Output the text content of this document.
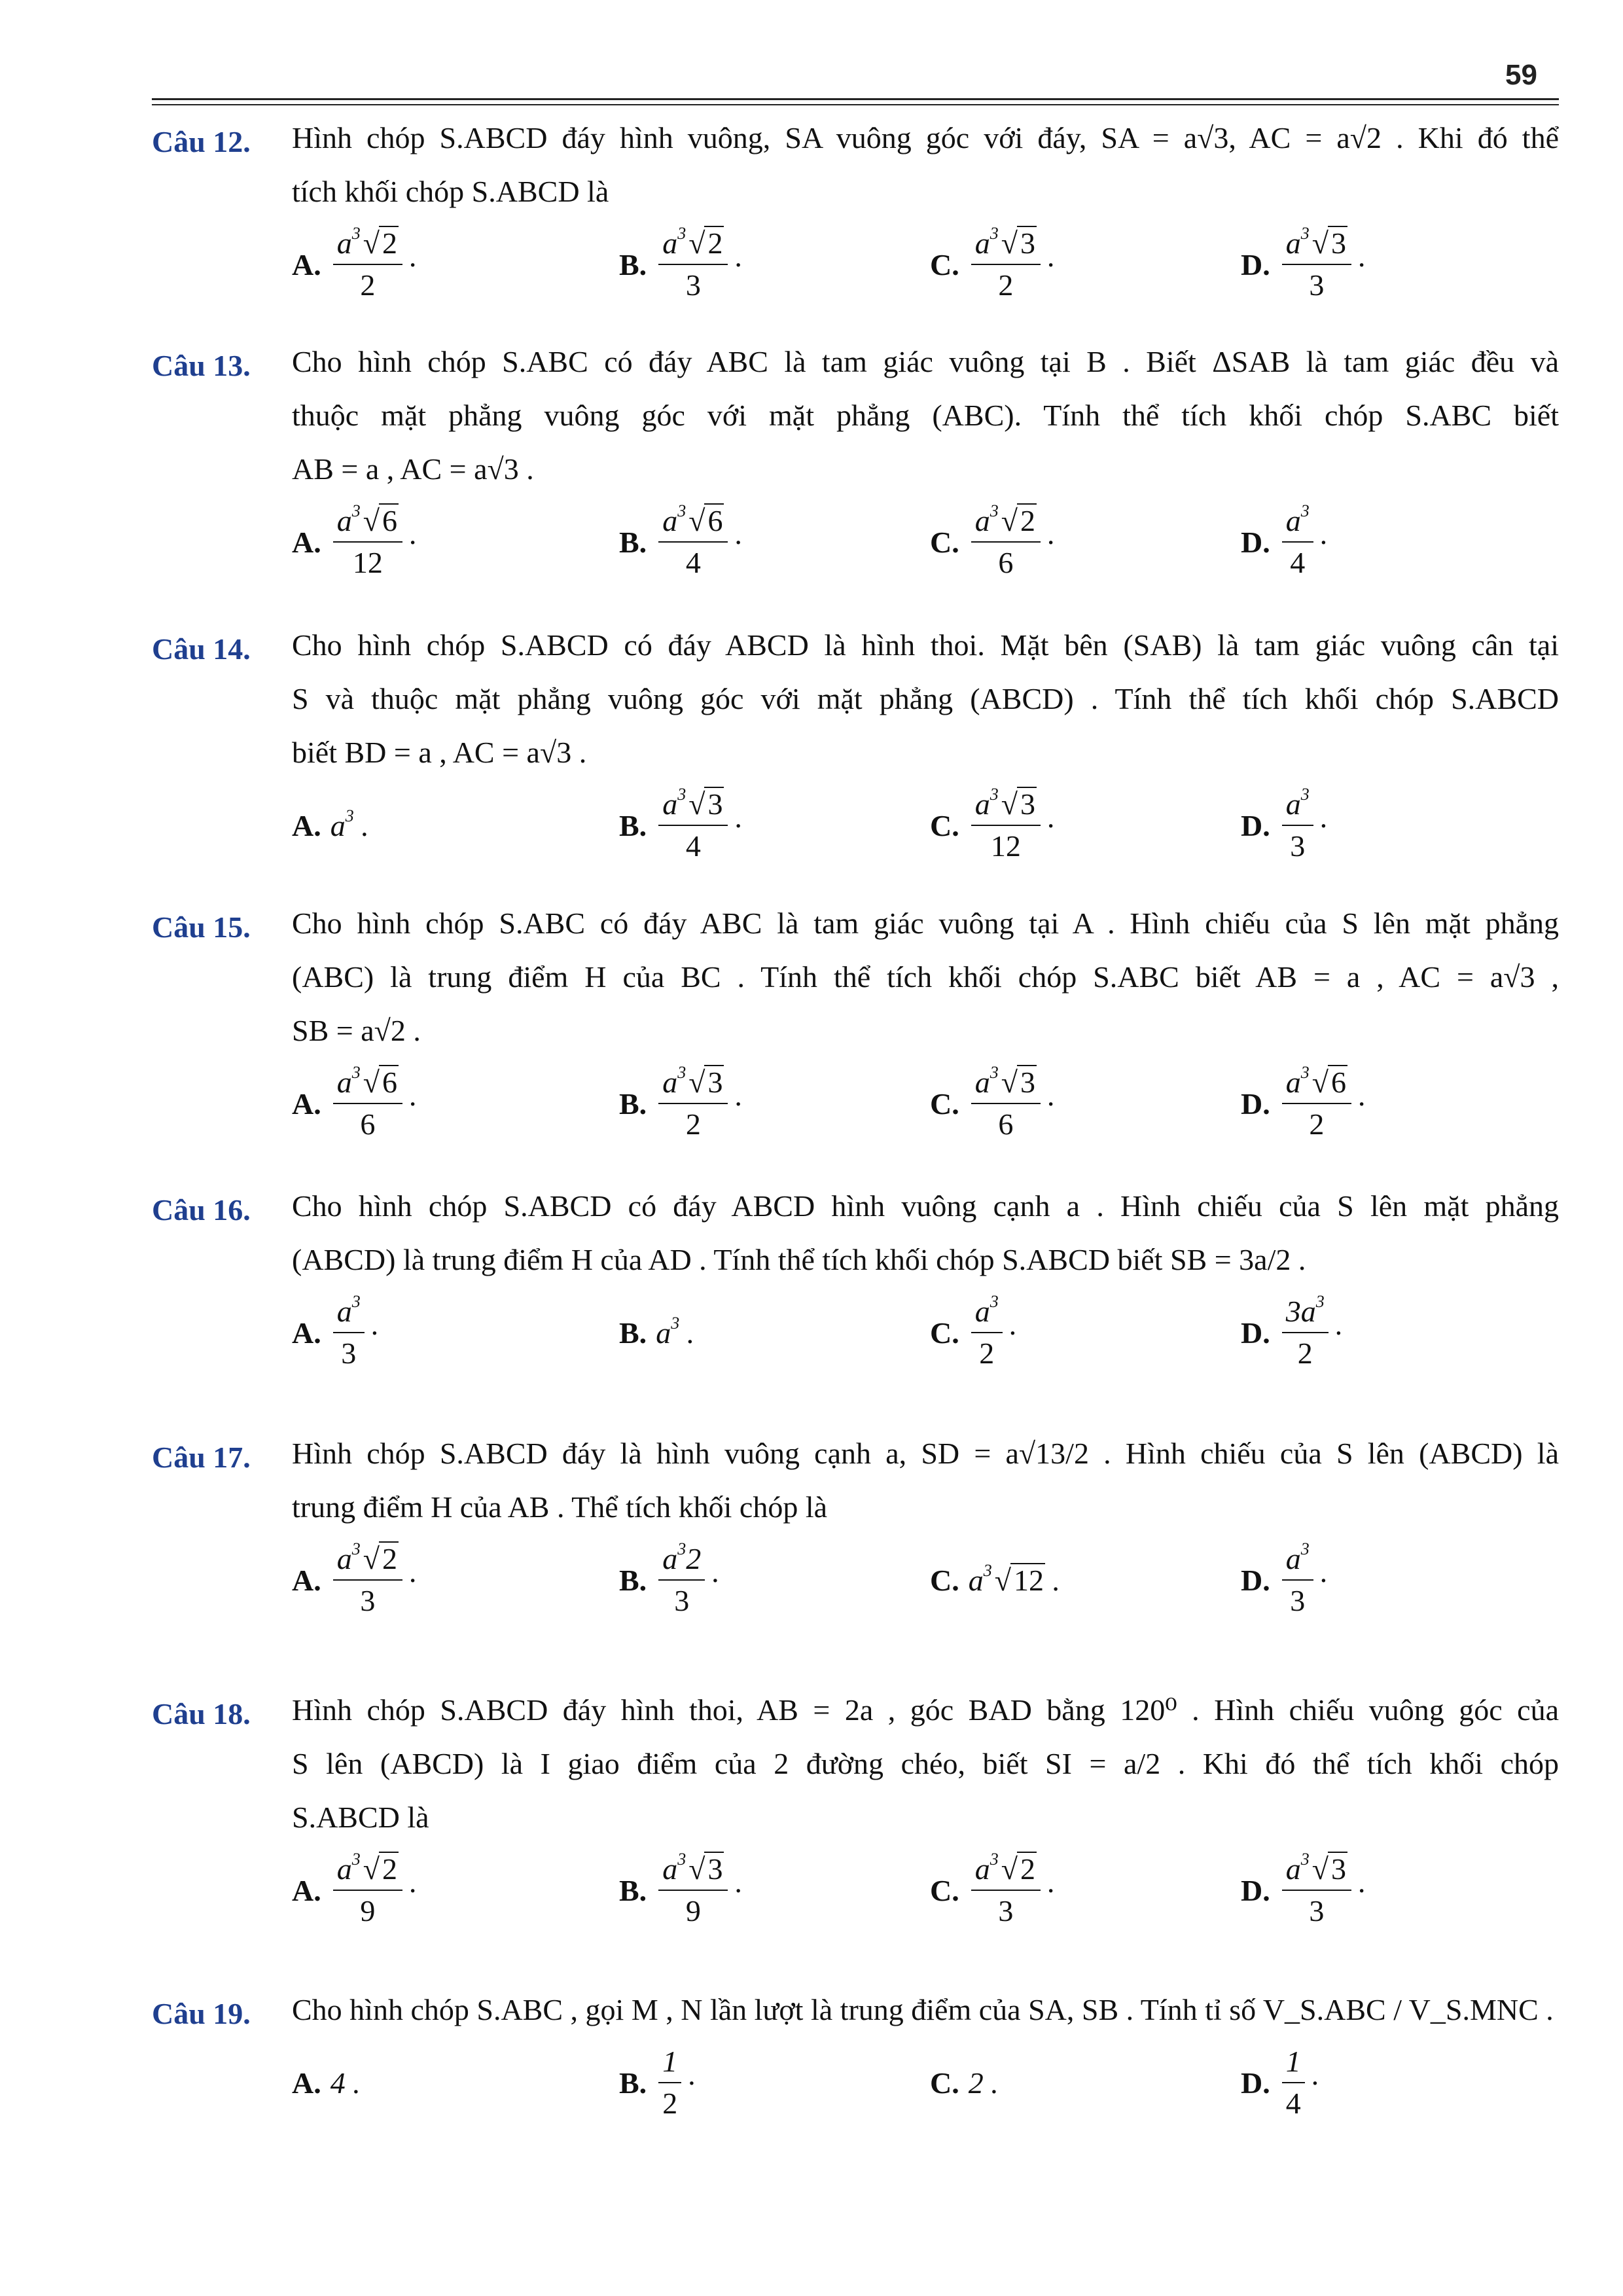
59
Câu 12. Hình chóp S.ABCD đáy hình vuông, SA vuông góc với đáy, SA = a√3, AC = a√2 . Khi đó thể
tích khối chóp S.ABCD là
A. $\frac{a^3√ 2}{2}$ ·	B. $\frac{a^3√ 2}{3}$ ·	C. $\frac{a^3√ 3}{2}$ ·	D. $\frac{a^3√ 3}{3}$ ·
Câu 13. Cho hình chóp S.ABC có đáy ABC là tam giác vuông tại B . Biết ΔSAB là tam giác đều và
thuộc mặt phẳng vuông góc với mặt phẳng (ABC). Tính thể tích khối chóp S.ABC biết
AB = a , AC = a√3 .
A. $\frac{a^3√ 6}{12}$ ·	B. $\frac{a^3√ 6}{4}$ ·	C. $\frac{a^3√ 2}{6}$ ·	D. $\frac{a^3}{4}$ ·
Câu 14. Cho hình chóp S.ABCD có đáy ABCD là hình thoi. Mặt bên (SAB) là tam giác vuông cân tại
S và thuộc mặt phẳng vuông góc với mặt phẳng (ABCD) . Tính thể tích khối chóp S.ABCD
biết BD = a , AC = a√3 .
A. $a^3$ .	B. $\frac{a^3√ 3}{4}$ ·	C. $\frac{a^3√ 3}{12}$ ·	D. $\frac{a^3}{3}$ ·
Câu 15. Cho hình chóp S.ABC có đáy ABC là tam giác vuông tại A . Hình chiếu của S lên mặt phẳng
(ABC) là trung điểm H của BC . Tính thể tích khối chóp S.ABC biết AB = a , AC = a√3 ,
SB = a√2 .
A. $\frac{a^3√ 6}{6}$ ·	B. $\frac{a^3√ 3}{2}$ ·	C. $\frac{a^3√ 3}{6}$ ·	D. $\frac{a^3√ 6}{2}$ ·
Câu 16. Cho hình chóp S.ABCD có đáy ABCD hình vuông cạnh a . Hình chiếu của S lên mặt phẳng
(ABCD) là trung điểm H của AD . Tính thể tích khối chóp S.ABCD biết SB = 3a/2 .
A. $\frac{a^3}{3}$ ·	B. $a^3$ .	C. $\frac{a^3}{2}$ ·	D. $\frac{3a^3}{2}$ ·
Câu 17. Hình chóp S.ABCD đáy là hình vuông cạnh a, SD = a√13/2 . Hình chiếu của S lên (ABCD) là
trung điểm H của AB . Thể tích khối chóp là
A. $\frac{a^3√ 2}{3}$ ·	B. $\frac{a^32}{3}$ ·	C. $a^3√$ 12 .	D. $\frac{a^3}{3}$ ·
Câu 18. Hình chóp S.ABCD đáy hình thoi, AB = 2a , góc BAD bằng 120⁰ . Hình chiếu vuông góc của
S lên (ABCD) là I giao điểm của 2 đường chéo, biết SI = a/2 . Khi đó thể tích khối chóp
S.ABCD là
A. $\frac{a^3√ 2}{9}$ ·	B. $\frac{a^3√ 3}{9}$ ·	C. $\frac{a^3√ 2}{3}$ ·	D. $\frac{a^3√ 3}{3}$ ·
Câu 19. Cho hình chóp S.ABC , gọi M , N lần lượt là trung điểm của SA, SB . Tính tỉ số V_S.ABC / V_S.MNC .
A. 4 .	B. $\frac{1}{2}$ ·	C. 2 .	D. $\frac{1}{4}$ ·
